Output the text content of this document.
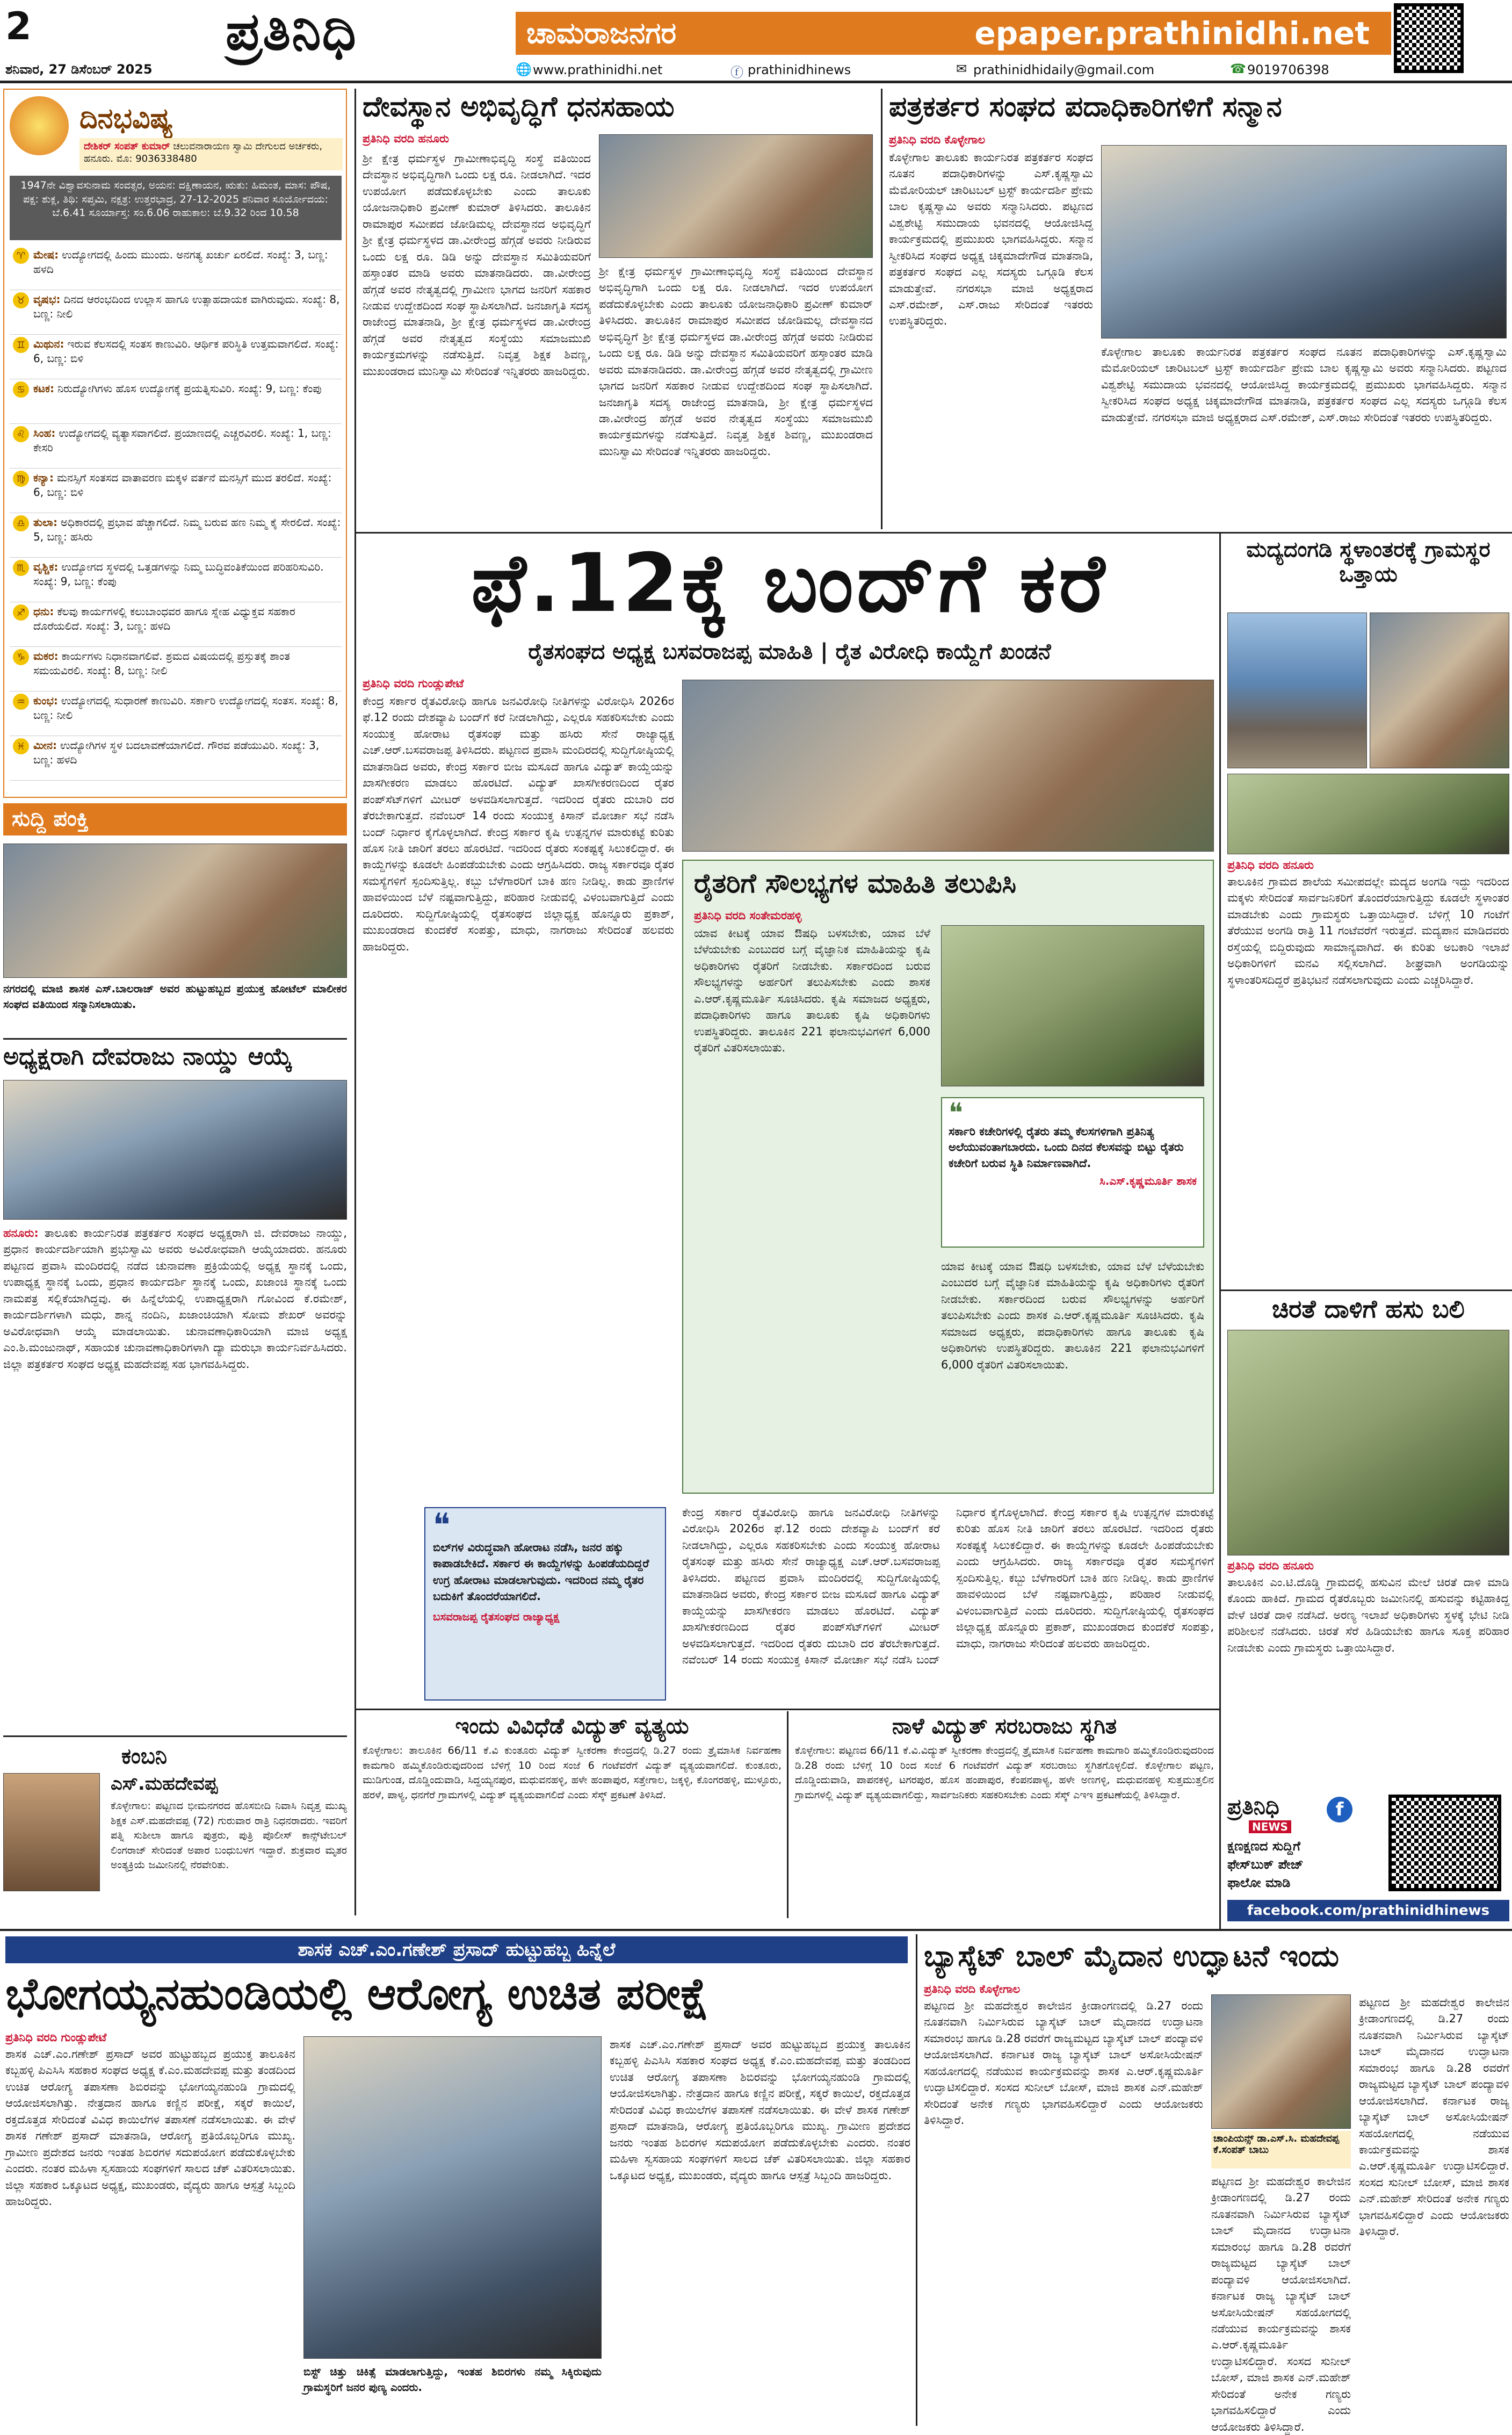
2	ಪ್ರತಿನಿಧಿ	ಚಾಮರಾಜನಗರ	epaper.prathinidhi.net
ಶನಿವಾರ, 27 ಡಿಸೆಂಬರ್ 2025	🌐 www.prathinidhi.net	ⓕ prathinidhinews	✉ prathinidhidaily@gmail.com	☎ 9019706398
ದಿನಭವಿಷ್ಯ
ದೇಶಿಕರ್ ಸಂಪತ್ ಕುಮಾರ್ ಚಲುವನಾರಾಯಣ ಸ್ವಾಮಿ ದೇಗುಲದ ಅರ್ಚಕರು, ಹನೂರು. ಮೊ: 9036338480
1947ನೇ ವಿಶ್ವಾವಸುನಾಮ ಸಂವತ್ಸರ, ಅಯನ: ದಕ್ಷಿಣಾಯನ, ಋತು: ಹಿಮಂತ, ಮಾಸ: ಪೌಷ, ಪಕ್ಷ: ಶುಕ್ಲ, ತಿಥಿ: ಸಪ್ತಮಿ, ನಕ್ಷತ್ರ: ಉತ್ತರಭಾದ್ರ, 27-12-2025 ಶನಿವಾರ ಸೂರ್ಯೋದಯ: ಬೆ.6.41 ಸೂರ್ಯಾಸ್ತ: ಸಂ.6.06 ರಾಹುಕಾಲ: ಬೆ.9.32 ರಿಂದ 10.58
♈ ಮೇಷ: ಉದ್ಯೋಗದಲ್ಲಿ ಹಿಂದು ಮುಂದು. ಅನಗತ್ಯ ಖರ್ಚು ಏರಲಿದೆ. ಸಂಖ್ಯೆ: 3, ಬಣ್ಣ: ಹಳದಿ
♉ ವೃಷಭ: ದಿನದ ಆರಂಭದಿಂದ ಉಲ್ಲಾಸ ಹಾಗೂ ಉತ್ಸಾಹದಾಯಕ ವಾಗಿರುವುದು. ಸಂಖ್ಯೆ: 8, ಬಣ್ಣ: ನೀಲಿ
♊ ಮಿಥುನ: ಇರುವ ಕೆಲಸದಲ್ಲಿ ಸಂತಸ ಕಾಣುವಿರಿ. ಆರ್ಥಿಕ ಪರಿಸ್ಥಿತಿ ಉತ್ತಮವಾಗಲಿದೆ. ಸಂಖ್ಯೆ: 6, ಬಣ್ಣ: ಬಿಳಿ
♋ ಕಟಕ: ನಿರುದ್ಯೋಗಿಗಳು ಹೊಸ ಉದ್ಯೋಗಕ್ಕೆ ಪ್ರಯತ್ನಿಸುವಿರಿ. ಸಂಖ್ಯೆ: 9, ಬಣ್ಣ: ಕೆಂಪು
♌ ಸಿಂಹ: ಉದ್ಯೋಗದಲ್ಲಿ ವ್ಯತ್ಯಾಸವಾಗಲಿದೆ. ಪ್ರಯಾಣದಲ್ಲಿ ಎಚ್ಚರವಿರಲಿ. ಸಂಖ್ಯೆ: 1, ಬಣ್ಣ: ಕೇಸರಿ
♍ ಕನ್ಯಾ: ಮನಸ್ಸಿಗೆ ಸಂತಸದ ವಾತಾವರಣ ಮಕ್ಕಳ ವರ್ತನೆ ಮನಸ್ಸಿಗೆ ಮುದ ತರಲಿದೆ. ಸಂಖ್ಯೆ: 6, ಬಣ್ಣ: ಬಿಳಿ
♎ ತುಲಾ: ಅಧಿಕಾರದಲ್ಲಿ ಪ್ರಭಾವ ಹೆಚ್ಚಾಗಲಿದೆ. ನಿಮ್ಮ ಬರುವ ಹಣ ನಿಮ್ಮ ಕೈ ಸೇರಲಿದೆ. ಸಂಖ್ಯೆ: 5, ಬಣ್ಣ: ಹಸಿರು
♏ ವೃಶ್ಚಿಕ: ಉದ್ಯೋಗದ ಸ್ಥಳದಲ್ಲಿ ಒತ್ತಡಗಳನ್ನು ನಿಮ್ಮ ಬುದ್ಧಿವಂತಿಕೆಯಿಂದ ಪರಿಹರಿಸುವಿರಿ. ಸಂಖ್ಯೆ: 9, ಬಣ್ಣ: ಕೆಂಪು
♐ ಧನು: ಕೆಲವು ಕಾರ್ಯಗಳಲ್ಲಿ ಕಲುಬಾಂಧವರ ಹಾಗೂ ಸ್ನೇಹ ವಿಧ್ಯುಕ್ತವ ಸಹಕಾರ ದೊರೆಯಲಿದೆ. ಸಂಖ್ಯೆ: 3, ಬಣ್ಣ: ಹಳದಿ
♑ ಮಕರ: ಕಾರ್ಯಗಳು ನಿಧಾನವಾಗಲಿವೆ. ಶ್ರಮದ ವಿಷಯದಲ್ಲಿ ಪ್ರಸ್ತುತಕ್ಕೆ ಶಾಂತ ಸಮಯವಿರಲಿ. ಸಂಖ್ಯೆ: 8, ಬಣ್ಣ: ನೀಲಿ
♒ ಕುಂಭ: ಉದ್ಯೋಗದಲ್ಲಿ ಸುಧಾರಣೆ ಕಾಣುವಿರಿ. ಸರ್ಕಾರಿ ಉದ್ಯೋಗದಲ್ಲಿ ಸಂತಸ. ಸಂಖ್ಯೆ: 8, ಬಣ್ಣ: ನೀಲಿ
♓ ಮೀನ: ಉದ್ಯೋಗಿಗಳ ಸ್ಥಳ ಬದಲಾವಣೆಯಾಗಲಿದೆ. ಗೌರವ ಪಡೆಯುವಿರಿ. ಸಂಖ್ಯೆ: 3, ಬಣ್ಣ: ಹಳದಿ
ಸುದ್ದಿ ಪಂಕ್ತಿ
ನಗರದಲ್ಲಿ ಮಾಜಿ ಶಾಸಕ ಎಸ್.ಬಾಲರಾಜ್ ಅವರ ಹುಟ್ಟುಹಬ್ಬದ ಪ್ರಯುಕ್ತ ಹೋಟೆಲ್ ಮಾಲೀಕರ ಸಂಘದ ವತಿಯಿಂದ ಸನ್ಮಾನಿಸಲಾಯಿತು.
ಅಧ್ಯಕ್ಷರಾಗಿ ದೇವರಾಜು ನಾಯ್ಡು ಆಯ್ಕೆ
ಹನೂರು: ತಾಲೂಕು ಕಾರ್ಯನಿರತ ಪತ್ರಕರ್ತರ ಸಂಘದ ಅಧ್ಯಕ್ಷರಾಗಿ ಜಿ. ದೇವರಾಜು ನಾಯ್ಡು, ಪ್ರಧಾನ ಕಾರ್ಯದರ್ಶಿಯಾಗಿ ಪ್ರಭುಸ್ವಾಮಿ ಅವರು ಅವಿರೋಧವಾಗಿ ಆಯ್ಕೆಯಾದರು. ಹನೂರು ಪಟ್ಟಣದ ಪ್ರವಾಸಿ ಮಂದಿರದಲ್ಲಿ ನಡೆದ ಚುನಾವಣಾ ಪ್ರಕ್ರಿಯೆಯಲ್ಲಿ ಅಧ್ಯಕ್ಷ ಸ್ಥಾನಕ್ಕೆ ಒಂದು, ಉಪಾಧ್ಯಕ್ಷ ಸ್ಥಾನಕ್ಕೆ ಒಂದು, ಪ್ರಧಾನ ಕಾರ್ಯದರ್ಶಿ ಸ್ಥಾನಕ್ಕೆ ಒಂದು, ಖಜಾಂಚಿ ಸ್ಥಾನಕ್ಕೆ ಒಂದು ನಾಮಪತ್ರ ಸಲ್ಲಿಕೆಯಾಗಿದ್ದವು. ಈ ಹಿನ್ನೆಲೆಯಲ್ಲಿ ಉಪಾಧ್ಯಕ್ಷರಾಗಿ ಗೋವಿಂದ ಕೆ.ರಮೇಶ್, ಕಾರ್ಯದರ್ಶಿಗಳಾಗಿ ಮಧು, ಶಾನ್ನ ನಂದಿನಿ, ಖಜಾಂಚಿಯಾಗಿ ಸೋಮ ಶೇಖರ್ ಅವರನ್ನು ಅವಿರೋಧವಾಗಿ ಆಯ್ಕೆ ಮಾಡಲಾಯಿತು. ಚುನಾವಣಾಧಿಕಾರಿಯಾಗಿ ಮಾಜಿ ಅಧ್ಯಕ್ಷ ಎಂ.ಶಿ.ಮಂಜುನಾಥ್, ಸಹಾಯಕ ಚುನಾವಣಾಧಿಕಾರಿಗಳಾಗಿ ದ್ಯಾ ಮರುಭಾ ಕಾರ್ಯನಿರ್ವಹಿಸಿದರು. ಜಿಲ್ಲಾ ಪತ್ರಕರ್ತರ ಸಂಘದ ಅಧ್ಯಕ್ಷ ಮಹದೇವಪ್ಪ ಸಹ ಭಾಗವಹಿಸಿದ್ದರು.
ಕಂಬನಿ
ಎಸ್.ಮಹದೇವಪ್ಪ
ಕೊಳ್ಳೇಗಾಲ: ಪಟ್ಟಣದ ಭೀಮನಗರದ ಹೊಸಬೀದಿ ನಿವಾಸಿ ನಿವೃತ್ತ ಮುಖ್ಯ ಶಿಕ್ಷಕ ಎಸ್.ಮಹದೇವಪ್ಪ (72) ಗುರುವಾರ ರಾತ್ರಿ ನಿಧನರಾದರು. ಇವರಿಗೆ ಪತ್ನಿ ಸುಶೀಲಾ ಹಾಗೂ ಪುತ್ರರು, ಪುತ್ರಿ ಪೊಲೀಸ್ ಕಾನ್ಸ್‌ಟೇಬಲ್ ಲಿಂಗರಾಜ್ ಸೇರಿದಂತೆ ಅಪಾರ ಬಂಧುಬಳಗ ಇದ್ದಾರೆ. ಶುಕ್ರವಾರ ಮೃತರ ಅಂತ್ಯಕ್ರಿಯೆ ಜಮೀನಿನಲ್ಲಿ ನೆರವೇರಿತು.
ದೇವಸ್ಥಾನ ಅಭಿವೃದ್ಧಿಗೆ ಧನಸಹಾಯ
ಪ್ರತಿನಿಧಿ ವರದಿ ಹನೂರು
ಶ್ರೀ ಕ್ಷೇತ್ರ ಧರ್ಮಸ್ಥಳ ಗ್ರಾಮೀಣಾಭಿವೃದ್ಧಿ ಸಂಸ್ಥೆ ವತಿಯಿಂದ ದೇವಸ್ಥಾನ ಅಭಿವೃದ್ಧಿಗಾಗಿ ಒಂದು ಲಕ್ಷ ರೂ. ನೀಡಲಾಗಿದೆ. ಇದರ ಉಪಯೋಗ ಪಡೆದುಕೊಳ್ಳಬೇಕು ಎಂದು ತಾಲೂಕು ಯೋಜನಾಧಿಕಾರಿ ಪ್ರವೀಣ್ ಕುಮಾರ್ ತಿಳಿಸಿದರು. ತಾಲೂಕಿನ ರಾಮಾಪುರ ಸಮೀಪದ ಜೋಡಿಮಲ್ಲ ದೇವಸ್ಥಾನದ ಅಭಿವೃದ್ಧಿಗೆ ಶ್ರೀ ಕ್ಷೇತ್ರ ಧರ್ಮಸ್ಥಳದ ಡಾ.ವೀರೇಂದ್ರ ಹೆಗ್ಗಡೆ ಅವರು ನೀಡಿರುವ ಒಂದು ಲಕ್ಷ ರೂ. ಡಿಡಿ ಅನ್ನು ದೇವಸ್ಥಾನ ಸಮಿತಿಯವರಿಗೆ ಹಸ್ತಾಂತರ ಮಾಡಿ ಅವರು ಮಾತನಾಡಿದರು. ಡಾ.ವೀರೇಂದ್ರ ಹೆಗ್ಗಡೆ ಅವರ ನೇತೃತ್ವದಲ್ಲಿ ಗ್ರಾಮೀಣ ಭಾಗದ ಜನರಿಗೆ ಸಹಕಾರ ನೀಡುವ ಉದ್ದೇಶದಿಂದ ಸಂಘ ಸ್ಥಾಪಿಸಲಾಗಿದೆ. ಜನಜಾಗೃತಿ ಸದಸ್ಯ ರಾಜೇಂದ್ರ ಮಾತನಾಡಿ, ಶ್ರೀ ಕ್ಷೇತ್ರ ಧರ್ಮಸ್ಥಳದ ಡಾ.ವೀರೇಂದ್ರ ಹೆಗ್ಗಡೆ ಅವರ ನೇತೃತ್ವದ ಸಂಸ್ಥೆಯು ಸಮಾಜಮುಖಿ ಕಾರ್ಯಕ್ರಮಗಳನ್ನು ನಡೆಸುತ್ತಿದೆ. ನಿವೃತ್ತ ಶಿಕ್ಷಕ ಶಿವಣ್ಣ, ಮುಖಂಡರಾದ ಮುನಿಸ್ವಾಮಿ ಸೇರಿದಂತೆ ಇನ್ನಿತರರು ಹಾಜರಿದ್ದರು.
ಶ್ರೀ ಕ್ಷೇತ್ರ ಧರ್ಮಸ್ಥಳ ಗ್ರಾಮೀಣಾಭಿವೃದ್ಧಿ ಸಂಸ್ಥೆ ವತಿಯಿಂದ ದೇವಸ್ಥಾನ ಅಭಿವೃದ್ಧಿಗಾಗಿ ಒಂದು ಲಕ್ಷ ರೂ. ನೀಡಲಾಗಿದೆ. ಇದರ ಉಪಯೋಗ ಪಡೆದುಕೊಳ್ಳಬೇಕು ಎಂದು ತಾಲೂಕು ಯೋಜನಾಧಿಕಾರಿ ಪ್ರವೀಣ್ ಕುಮಾರ್ ತಿಳಿಸಿದರು. ತಾಲೂಕಿನ ರಾಮಾಪುರ ಸಮೀಪದ ಜೋಡಿಮಲ್ಲ ದೇವಸ್ಥಾನದ ಅಭಿವೃದ್ಧಿಗೆ ಶ್ರೀ ಕ್ಷೇತ್ರ ಧರ್ಮಸ್ಥಳದ ಡಾ.ವೀರೇಂದ್ರ ಹೆಗ್ಗಡೆ ಅವರು ನೀಡಿರುವ ಒಂದು ಲಕ್ಷ ರೂ. ಡಿಡಿ ಅನ್ನು ದೇವಸ್ಥಾನ ಸಮಿತಿಯವರಿಗೆ ಹಸ್ತಾಂತರ ಮಾಡಿ ಅವರು ಮಾತನಾಡಿದರು. ಡಾ.ವೀರೇಂದ್ರ ಹೆಗ್ಗಡೆ ಅವರ ನೇತೃತ್ವದಲ್ಲಿ ಗ್ರಾಮೀಣ ಭಾಗದ ಜನರಿಗೆ ಸಹಕಾರ ನೀಡುವ ಉದ್ದೇಶದಿಂದ ಸಂಘ ಸ್ಥಾಪಿಸಲಾಗಿದೆ. ಜನಜಾಗೃತಿ ಸದಸ್ಯ ರಾಜೇಂದ್ರ ಮಾತನಾಡಿ, ಶ್ರೀ ಕ್ಷೇತ್ರ ಧರ್ಮಸ್ಥಳದ ಡಾ.ವೀರೇಂದ್ರ ಹೆಗ್ಗಡೆ ಅವರ ನೇತೃತ್ವದ ಸಂಸ್ಥೆಯು ಸಮಾಜಮುಖಿ ಕಾರ್ಯಕ್ರಮಗಳನ್ನು ನಡೆಸುತ್ತಿದೆ. ನಿವೃತ್ತ ಶಿಕ್ಷಕ ಶಿವಣ್ಣ, ಮುಖಂಡರಾದ ಮುನಿಸ್ವಾಮಿ ಸೇರಿದಂತೆ ಇನ್ನಿತರರು ಹಾಜರಿದ್ದರು.
ಪತ್ರಕರ್ತರ ಸಂಘದ ಪದಾಧಿಕಾರಿಗಳಿಗೆ ಸನ್ಮಾನ
ಪ್ರತಿನಿಧಿ ವರದಿ ಕೊಳ್ಳೇಗಾಲ
ಕೊಳ್ಳೇಗಾಲ ತಾಲೂಕು ಕಾರ್ಯನಿರತ ಪತ್ರಕರ್ತರ ಸಂಘದ ನೂತನ ಪದಾಧಿಕಾರಿಗಳನ್ನು ಎಸ್.ಕೃಷ್ಣಸ್ವಾಮಿ ಮೆಮೋರಿಯಲ್ ಚಾರಿಟಬಲ್ ಟ್ರಸ್ಟ್ ಕಾರ್ಯದರ್ಶಿ ಪ್ರೇಮ ಬಾಲ ಕೃಷ್ಣಸ್ವಾಮಿ ಅವರು ಸನ್ಮಾನಿಸಿದರು. ಪಟ್ಟಣದ ವಿಶ್ವಶೇಟ್ಟಿ ಸಮುದಾಯ ಭವನದಲ್ಲಿ ಆಯೋಜಿಸಿದ್ದ ಕಾರ್ಯಕ್ರಮದಲ್ಲಿ ಪ್ರಮುಖರು ಭಾಗವಹಿಸಿದ್ದರು. ಸನ್ಮಾನ ಸ್ವೀಕರಿಸಿದ ಸಂಘದ ಅಧ್ಯಕ್ಷ ಚಿಕ್ಕಮಾದೇಗೌಡ ಮಾತನಾಡಿ, ಪತ್ರಕರ್ತರ ಸಂಘದ ಎಲ್ಲ ಸದಸ್ಯರು ಒಗ್ಗೂಡಿ ಕೆಲಸ ಮಾಡುತ್ತೇವೆ. ನಗರಸಭಾ ಮಾಜಿ ಅಧ್ಯಕ್ಷರಾದ ಎಸ್.ರಮೇಶ್, ಎಸ್.ರಾಜು ಸೇರಿದಂತೆ ಇತರರು ಉಪಸ್ಥಿತರಿದ್ದರು.
ಕೊಳ್ಳೇಗಾಲ ತಾಲೂಕು ಕಾರ್ಯನಿರತ ಪತ್ರಕರ್ತರ ಸಂಘದ ನೂತನ ಪದಾಧಿಕಾರಿಗಳನ್ನು ಎಸ್.ಕೃಷ್ಣಸ್ವಾಮಿ ಮೆಮೋರಿಯಲ್ ಚಾರಿಟಬಲ್ ಟ್ರಸ್ಟ್ ಕಾರ್ಯದರ್ಶಿ ಪ್ರೇಮ ಬಾಲ ಕೃಷ್ಣಸ್ವಾಮಿ ಅವರು ಸನ್ಮಾನಿಸಿದರು. ಪಟ್ಟಣದ ವಿಶ್ವಶೇಟ್ಟಿ ಸಮುದಾಯ ಭವನದಲ್ಲಿ ಆಯೋಜಿಸಿದ್ದ ಕಾರ್ಯಕ್ರಮದಲ್ಲಿ ಪ್ರಮುಖರು ಭಾಗವಹಿಸಿದ್ದರು. ಸನ್ಮಾನ ಸ್ವೀಕರಿಸಿದ ಸಂಘದ ಅಧ್ಯಕ್ಷ ಚಿಕ್ಕಮಾದೇಗೌಡ ಮಾತನಾಡಿ, ಪತ್ರಕರ್ತರ ಸಂಘದ ಎಲ್ಲ ಸದಸ್ಯರು ಒಗ್ಗೂಡಿ ಕೆಲಸ ಮಾಡುತ್ತೇವೆ. ನಗರಸಭಾ ಮಾಜಿ ಅಧ್ಯಕ್ಷರಾದ ಎಸ್.ರಮೇಶ್, ಎಸ್.ರಾಜು ಸೇರಿದಂತೆ ಇತರರು ಉಪಸ್ಥಿತರಿದ್ದರು.
ಫೆ.12ಕ್ಕೆ ಬಂದ್‌ಗೆ ಕರೆ
ರೈತಸಂಘದ ಅಧ್ಯಕ್ಷ ಬಸವರಾಜಪ್ಪ ಮಾಹಿತಿ | ರೈತ ವಿರೋಧಿ ಕಾಯ್ದೆಗೆ ಖಂಡನೆ
ಪ್ರತಿನಿಧಿ ವರದಿ ಗುಂಡ್ಲುಪೇಟೆ
ಕೇಂದ್ರ ಸರ್ಕಾರ ರೈತವಿರೋಧಿ ಹಾಗೂ ಜನವಿರೋಧಿ ನೀತಿಗಳನ್ನು ವಿರೋಧಿಸಿ 2026ರ ಫೆ.12 ರಂದು ದೇಶವ್ಯಾಪಿ ಬಂದ್‌ಗೆ ಕರೆ ನೀಡಲಾಗಿದ್ದು, ಎಲ್ಲರೂ ಸಹಕರಿಸಬೇಕು ಎಂದು ಸಂಯುಕ್ತ ಹೋರಾಟ ರೈತಸಂಘ ಮತ್ತು ಹಸಿರು ಸೇನೆ ರಾಜ್ಯಾಧ್ಯಕ್ಷ ಎಚ್.ಆರ್.ಬಸವರಾಜಪ್ಪ ತಿಳಿಸಿದರು. ಪಟ್ಟಣದ ಪ್ರವಾಸಿ ಮಂದಿರದಲ್ಲಿ ಸುದ್ದಿಗೋಷ್ಠಿಯಲ್ಲಿ ಮಾತನಾಡಿದ ಅವರು, ಕೇಂದ್ರ ಸರ್ಕಾರ ಬೀಜ ಮಸೂದೆ ಹಾಗೂ ವಿದ್ಯುತ್ ಕಾಯ್ದೆಯನ್ನು ಖಾಸಗೀಕರಣ ಮಾಡಲು ಹೊರಟಿದೆ. ವಿದ್ಯುತ್ ಖಾಸಗೀಕರಣದಿಂದ ರೈತರ ಪಂಪ್‌ಸೆಟ್‌ಗಳಿಗೆ ಮೀಟರ್ ಅಳವಡಿಸಲಾಗುತ್ತದೆ. ಇದರಿಂದ ರೈತರು ದುಬಾರಿ ದರ ತೆರಬೇಕಾಗುತ್ತದೆ. ನವೆಂಬರ್ 14 ರಂದು ಸಂಯುಕ್ತ ಕಿಸಾನ್ ಮೋರ್ಚಾ ಸಭೆ ನಡೆಸಿ ಬಂದ್ ನಿರ್ಧಾರ ಕೈಗೊಳ್ಳಲಾಗಿದೆ. ಕೇಂದ್ರ ಸರ್ಕಾರ ಕೃಷಿ ಉತ್ಪನ್ನಗಳ ಮಾರುಕಟ್ಟೆ ಕುರಿತು ಹೊಸ ನೀತಿ ಜಾರಿಗೆ ತರಲು ಹೊರಟಿದೆ. ಇದರಿಂದ ರೈತರು ಸಂಕಷ್ಟಕ್ಕೆ ಸಿಲುಕಲಿದ್ದಾರೆ. ಈ ಕಾಯ್ದೆಗಳನ್ನು ಕೂಡಲೇ ಹಿಂಪಡೆಯಬೇಕು ಎಂದು ಆಗ್ರಹಿಸಿದರು. ರಾಜ್ಯ ಸರ್ಕಾರವೂ ರೈತರ ಸಮಸ್ಯೆಗಳಿಗೆ ಸ್ಪಂದಿಸುತ್ತಿಲ್ಲ. ಕಬ್ಬು ಬೆಳೆಗಾರರಿಗೆ ಬಾಕಿ ಹಣ ನೀಡಿಲ್ಲ. ಕಾಡು ಪ್ರಾಣಿಗಳ ಹಾವಳಿಯಿಂದ ಬೆಳೆ ನಷ್ಟವಾಗುತ್ತಿದ್ದು, ಪರಿಹಾರ ನೀಡುವಲ್ಲಿ ವಿಳಂಬವಾಗುತ್ತಿದೆ ಎಂದು ದೂರಿದರು. ಸುದ್ದಿಗೋಷ್ಠಿಯಲ್ಲಿ ರೈತಸಂಘದ ಜಿಲ್ಲಾಧ್ಯಕ್ಷ ಹೊನ್ನೂರು ಪ್ರಕಾಶ್, ಮುಖಂಡರಾದ ಕುಂದಕೆರೆ ಸಂಪತ್ತು, ಮಾಧು, ನಾಗರಾಜು ಸೇರಿದಂತೆ ಹಲವರು ಹಾಜರಿದ್ದರು.
❝
ಬಿಲ್‌ಗಳ ವಿರುದ್ಧವಾಗಿ ಹೋರಾಟ ನಡೆಸಿ, ಜನರ ಹಕ್ಕು ಕಾಪಾಡಬೇಕಿದೆ. ಸರ್ಕಾರ ಈ ಕಾಯ್ದೆಗಳನ್ನು ಹಿಂಪಡೆಯದಿದ್ದರೆ ಉಗ್ರ ಹೋರಾಟ ಮಾಡಲಾಗುವುದು. ಇದರಿಂದ ನಮ್ಮ ರೈತರ ಬದುಕಿಗೆ ತೊಂದರೆಯಾಗಲಿದೆ.
ಬಸವರಾಜಪ್ಪ ರೈತಸಂಘದ ರಾಜ್ಯಾಧ್ಯಕ್ಷ
ರೈತರಿಗೆ ಸೌಲಭ್ಯಗಳ ಮಾಹಿತಿ ತಲುಪಿಸಿ
ಪ್ರತಿನಿಧಿ ವರದಿ ಸಂತೇಮರಹಳ್ಳಿ
ಯಾವ ಕೀಟಕ್ಕೆ ಯಾವ ಔಷಧಿ ಬಳಸಬೇಕು, ಯಾವ ಬೆಳೆ ಬೆಳೆಯಬೇಕು ಎಂಬುದರ ಬಗ್ಗೆ ವೈಜ್ಞಾನಿಕ ಮಾಹಿತಿಯನ್ನು ಕೃಷಿ ಅಧಿಕಾರಿಗಳು ರೈತರಿಗೆ ನೀಡಬೇಕು. ಸರ್ಕಾರದಿಂದ ಬರುವ ಸೌಲಭ್ಯಗಳನ್ನು ಅರ್ಹರಿಗೆ ತಲುಪಿಸಬೇಕು ಎಂದು ಶಾಸಕ ಎ.ಆರ್.ಕೃಷ್ಣಮೂರ್ತಿ ಸೂಚಿಸಿದರು. ಕೃಷಿ ಸಮಾಜದ ಅಧ್ಯಕ್ಷರು, ಪದಾಧಿಕಾರಿಗಳು ಹಾಗೂ ತಾಲೂಕು ಕೃಷಿ ಅಧಿಕಾರಿಗಳು ಉಪಸ್ಥಿತರಿದ್ದರು. ತಾಲೂಕಿನ 221 ಫಲಾನುಭವಿಗಳಿಗೆ 6,000 ರೈತರಿಗೆ ವಿತರಿಸಲಾಯಿತು.
❝
ಸರ್ಕಾರಿ ಕಚೇರಿಗಳಲ್ಲಿ ರೈತರು ತಮ್ಮ ಕೆಲಸಗಳಿಗಾಗಿ ಪ್ರತಿನಿತ್ಯ ಅಲೆಯುವಂತಾಗಬಾರದು. ಒಂದು ದಿನದ ಕೆಲಸವನ್ನು ಬಿಟ್ಟು ರೈತರು ಕಚೇರಿಗೆ ಬರುವ ಸ್ಥಿತಿ ನಿರ್ಮಾಣವಾಗಿದೆ.
ಸಿ.ಎಸ್.ಕೃಷ್ಣಮೂರ್ತಿ ಶಾಸಕ
ಯಾವ ಕೀಟಕ್ಕೆ ಯಾವ ಔಷಧಿ ಬಳಸಬೇಕು, ಯಾವ ಬೆಳೆ ಬೆಳೆಯಬೇಕು ಎಂಬುದರ ಬಗ್ಗೆ ವೈಜ್ಞಾನಿಕ ಮಾಹಿತಿಯನ್ನು ಕೃಷಿ ಅಧಿಕಾರಿಗಳು ರೈತರಿಗೆ ನೀಡಬೇಕು. ಸರ್ಕಾರದಿಂದ ಬರುವ ಸೌಲಭ್ಯಗಳನ್ನು ಅರ್ಹರಿಗೆ ತಲುಪಿಸಬೇಕು ಎಂದು ಶಾಸಕ ಎ.ಆರ್.ಕೃಷ್ಣಮೂರ್ತಿ ಸೂಚಿಸಿದರು. ಕೃಷಿ ಸಮಾಜದ ಅಧ್ಯಕ್ಷರು, ಪದಾಧಿಕಾರಿಗಳು ಹಾಗೂ ತಾಲೂಕು ಕೃಷಿ ಅಧಿಕಾರಿಗಳು ಉಪಸ್ಥಿತರಿದ್ದರು. ತಾಲೂಕಿನ 221 ಫಲಾನುಭವಿಗಳಿಗೆ 6,000 ರೈತರಿಗೆ ವಿತರಿಸಲಾಯಿತು.
ಕೇಂದ್ರ ಸರ್ಕಾರ ರೈತವಿರೋಧಿ ಹಾಗೂ ಜನವಿರೋಧಿ ನೀತಿಗಳನ್ನು ವಿರೋಧಿಸಿ 2026ರ ಫೆ.12 ರಂದು ದೇಶವ್ಯಾಪಿ ಬಂದ್‌ಗೆ ಕರೆ ನೀಡಲಾಗಿದ್ದು, ಎಲ್ಲರೂ ಸಹಕರಿಸಬೇಕು ಎಂದು ಸಂಯುಕ್ತ ಹೋರಾಟ ರೈತಸಂಘ ಮತ್ತು ಹಸಿರು ಸೇನೆ ರಾಜ್ಯಾಧ್ಯಕ್ಷ ಎಚ್.ಆರ್.ಬಸವರಾಜಪ್ಪ ತಿಳಿಸಿದರು. ಪಟ್ಟಣದ ಪ್ರವಾಸಿ ಮಂದಿರದಲ್ಲಿ ಸುದ್ದಿಗೋಷ್ಠಿಯಲ್ಲಿ ಮಾತನಾಡಿದ ಅವರು, ಕೇಂದ್ರ ಸರ್ಕಾರ ಬೀಜ ಮಸೂದೆ ಹಾಗೂ ವಿದ್ಯುತ್ ಕಾಯ್ದೆಯನ್ನು ಖಾಸಗೀಕರಣ ಮಾಡಲು ಹೊರಟಿದೆ. ವಿದ್ಯುತ್ ಖಾಸಗೀಕರಣದಿಂದ ರೈತರ ಪಂಪ್‌ಸೆಟ್‌ಗಳಿಗೆ ಮೀಟರ್ ಅಳವಡಿಸಲಾಗುತ್ತದೆ. ಇದರಿಂದ ರೈತರು ದುಬಾರಿ ದರ ತೆರಬೇಕಾಗುತ್ತದೆ. ನವೆಂಬರ್ 14 ರಂದು ಸಂಯುಕ್ತ ಕಿಸಾನ್ ಮೋರ್ಚಾ ಸಭೆ ನಡೆಸಿ ಬಂದ್ ನಿರ್ಧಾರ ಕೈಗೊಳ್ಳಲಾಗಿದೆ. ಕೇಂದ್ರ ಸರ್ಕಾರ ಕೃಷಿ ಉತ್ಪನ್ನಗಳ ಮಾರುಕಟ್ಟೆ ಕುರಿತು ಹೊಸ ನೀತಿ ಜಾರಿಗೆ ತರಲು ಹೊರಟಿದೆ. ಇದರಿಂದ ರೈತರು ಸಂಕಷ್ಟಕ್ಕೆ ಸಿಲುಕಲಿದ್ದಾರೆ. ಈ ಕಾಯ್ದೆಗಳನ್ನು ಕೂಡಲೇ ಹಿಂಪಡೆಯಬೇಕು ಎಂದು ಆಗ್ರಹಿಸಿದರು. ರಾಜ್ಯ ಸರ್ಕಾರವೂ ರೈತರ ಸಮಸ್ಯೆಗಳಿಗೆ ಸ್ಪಂದಿಸುತ್ತಿಲ್ಲ. ಕಬ್ಬು ಬೆಳೆಗಾರರಿಗೆ ಬಾಕಿ ಹಣ ನೀಡಿಲ್ಲ. ಕಾಡು ಪ್ರಾಣಿಗಳ ಹಾವಳಿಯಿಂದ ಬೆಳೆ ನಷ್ಟವಾಗುತ್ತಿದ್ದು, ಪರಿಹಾರ ನೀಡುವಲ್ಲಿ ವಿಳಂಬವಾಗುತ್ತಿದೆ ಎಂದು ದೂರಿದರು. ಸುದ್ದಿಗೋಷ್ಠಿಯಲ್ಲಿ ರೈತಸಂಘದ ಜಿಲ್ಲಾಧ್ಯಕ್ಷ ಹೊನ್ನೂರು ಪ್ರಕಾಶ್, ಮುಖಂಡರಾದ ಕುಂದಕೆರೆ ಸಂಪತ್ತು, ಮಾಧು, ನಾಗರಾಜು ಸೇರಿದಂತೆ ಹಲವರು ಹಾಜರಿದ್ದರು.
ಮದ್ಯದಂಗಡಿ ಸ್ಥಳಾಂತರಕ್ಕೆ ಗ್ರಾಮಸ್ಥರ ಒತ್ತಾಯ
ಪ್ರತಿನಿಧಿ ವರದಿ ಹನೂರು
ತಾಲೂಕಿನ ಗ್ರಾಮದ ಶಾಲೆಯ ಸಮೀಪದಲ್ಲೇ ಮದ್ಯದ ಅಂಗಡಿ ಇದ್ದು ಇದರಿಂದ ಮಕ್ಕಳು ಸೇರಿದಂತೆ ಸಾರ್ವಜನಿಕರಿಗೆ ತೊಂದರೆಯಾಗುತ್ತಿದ್ದು ಕೂಡಲೇ ಸ್ಥಳಾಂತರ ಮಾಡಬೇಕು ಎಂದು ಗ್ರಾಮಸ್ಥರು ಒತ್ತಾಯಿಸಿದ್ದಾರೆ. ಬೆಳಿಗ್ಗೆ 10 ಗಂಟೆಗೆ ತೆರೆಯುವ ಅಂಗಡಿ ರಾತ್ರಿ 11 ಗಂಟೆವರೆಗೆ ಇರುತ್ತದೆ. ಮದ್ಯಪಾನ ಮಾಡಿದವರು ರಸ್ತೆಯಲ್ಲಿ ಬಿದ್ದಿರುವುದು ಸಾಮಾನ್ಯವಾಗಿದೆ. ಈ ಕುರಿತು ಅಬಕಾರಿ ಇಲಾಖೆ ಅಧಿಕಾರಿಗಳಿಗೆ ಮನವಿ ಸಲ್ಲಿಸಲಾಗಿದೆ. ಶೀಘ್ರವಾಗಿ ಅಂಗಡಿಯನ್ನು ಸ್ಥಳಾಂತರಿಸದಿದ್ದರೆ ಪ್ರತಿಭಟನೆ ನಡೆಸಲಾಗುವುದು ಎಂದು ಎಚ್ಚರಿಸಿದ್ದಾರೆ.
ಚಿರತೆ ದಾಳಿಗೆ ಹಸು ಬಲಿ
ಪ್ರತಿನಿಧಿ ವರದಿ ಹನೂರು
ತಾಲೂಕಿನ ಎಂ.ಟಿ.ದೊಡ್ಡಿ ಗ್ರಾಮದಲ್ಲಿ ಹಸುವಿನ ಮೇಲೆ ಚಿರತೆ ದಾಳಿ ಮಾಡಿ ಕೊಂದು ಹಾಕಿದೆ. ಗ್ರಾಮದ ರೈತರೊಬ್ಬರು ಜಮೀನಿನಲ್ಲಿ ಹಸುವನ್ನು ಕಟ್ಟಿಹಾಕಿದ್ದ ವೇಳೆ ಚಿರತೆ ದಾಳಿ ನಡೆಸಿದೆ. ಅರಣ್ಯ ಇಲಾಖೆ ಅಧಿಕಾರಿಗಳು ಸ್ಥಳಕ್ಕೆ ಭೇಟಿ ನೀಡಿ ಪರಿಶೀಲನೆ ನಡೆಸಿದರು. ಚಿರತೆ ಸೆರೆ ಹಿಡಿಯಬೇಕು ಹಾಗೂ ಸೂಕ್ತ ಪರಿಹಾರ ನೀಡಬೇಕು ಎಂದು ಗ್ರಾಮಸ್ಥರು ಒತ್ತಾಯಿಸಿದ್ದಾರೆ.
ಪ್ರತಿನಿಧಿ
NEWS
f
ಕ್ಷಣಕ್ಷಣದ ಸುದ್ದಿಗೆ
ಫೇಸ್‌ಬುಕ್ ಪೇಜ್
ಫಾಲೋ ಮಾಡಿ
facebook.com/prathinidhinews
ಇಂದು ವಿವಿಧೆಡೆ ವಿದ್ಯುತ್ ವ್ಯತ್ಯಯ
ಕೊಳ್ಳೇಗಾಲ: ತಾಲೂಕಿನ 66/11 ಕೆ.ವಿ ಕುಂತೂರು ವಿದ್ಯುತ್ ಸ್ವೀಕರಣಾ ಕೇಂದ್ರದಲ್ಲಿ ಡಿ.27 ರಂದು ತ್ರೈಮಾಸಿಕ ನಿರ್ವಹಣಾ ಕಾಮಗಾರಿ ಹಮ್ಮಿಕೊಂಡಿರುವುದರಿಂದ ಬೆಳಿಗ್ಗೆ 10 ರಿಂದ ಸಂಜೆ 6 ಗಂಟೆವರೆಗೆ ವಿದ್ಯುತ್ ವ್ಯತ್ಯಯವಾಗಲಿದೆ. ಕುಂತೂರು, ಮುಡಿಗುಂಡ, ದೊಡ್ಡಿಂದುವಾಡಿ, ಸಿದ್ದಯ್ಯನಪುರ, ಮಧುವನಹಳ್ಳಿ, ಹಳೇ ಹಂಪಾಪುರ, ಸತ್ತೇಗಾಲ, ಜಕ್ಕಳ್ಳಿ, ಕೊಂಗರಹಳ್ಳಿ, ಮುಳ್ಳೂರು, ಹರಳೆ, ಪಾಳ್ಯ, ಧನಗೆರೆ ಗ್ರಾಮಗಳಲ್ಲಿ ವಿದ್ಯುತ್ ವ್ಯತ್ಯಯವಾಗಲಿದೆ ಎಂದು ಸೆಸ್ಕ್ ಪ್ರಕಟಣೆ ತಿಳಿಸಿದೆ.
ನಾಳೆ ವಿದ್ಯುತ್ ಸರಬರಾಜು ಸ್ಥಗಿತ
ಕೊಳ್ಳೇಗಾಲ: ಪಟ್ಟಣದ 66/11 ಕೆ.ವಿ.ವಿದ್ಯುತ್ ಸ್ವೀಕರಣಾ ಕೇಂದ್ರದಲ್ಲಿ ತ್ರೈಮಾಸಿಕ ನಿರ್ವಹಣಾ ಕಾಮಗಾರಿ ಹಮ್ಮಿಕೊಂಡಿರುವುದರಿಂದ ಡಿ.28 ರಂದು ಬೆಳಿಗ್ಗೆ 10 ರಿಂದ ಸಂಜೆ 6 ಗಂಟೆವರೆಗೆ ವಿದ್ಯುತ್ ಸರಬರಾಜು ಸ್ಥಗಿತಗೊಳ್ಳಲಿದೆ. ಕೊಳ್ಳೇಗಾಲ ಪಟ್ಟಣ, ದೊಡ್ಡಿಂದುವಾಡಿ, ಪಾಪನಕಳ್ಳಿ, ಟಗರಪುರ, ಹೊಸ ಹಂಪಾಪುರ, ಕೆಂಪನಪಾಳ್ಯ, ಹಳೇ ಅಣಗಳ್ಳಿ, ಮಧುವನಹಳ್ಳಿ ಸುತ್ತಮುತ್ತಲಿನ ಗ್ರಾಮಗಳಲ್ಲಿ ವಿದ್ಯುತ್ ವ್ಯತ್ಯಯವಾಗಲಿದ್ದು, ಸಾರ್ವಜನಿಕರು ಸಹಕರಿಸಬೇಕು ಎಂದು ಸೆಸ್ಕ್ ಎಇಇ ಪ್ರಕಟಣೆಯಲ್ಲಿ ತಿಳಿಸಿದ್ದಾರೆ.
ಶಾಸಕ ಎಚ್.ಎಂ.ಗಣೇಶ್ ಪ್ರಸಾದ್ ಹುಟ್ಟುಹಬ್ಬ ಹಿನ್ನೆಲೆ
ಭೋಗಯ್ಯನಹುಂಡಿಯಲ್ಲಿ ಆರೋಗ್ಯ ಉಚಿತ ಪರೀಕ್ಷೆ
ಪ್ರತಿನಿಧಿ ವರದಿ ಗುಂಡ್ಲುಪೇಟೆ
ಶಾಸಕ ಎಚ್.ಎಂ.ಗಣೇಶ್ ಪ್ರಸಾದ್ ಅವರ ಹುಟ್ಟುಹಬ್ಬದ ಪ್ರಯುಕ್ತ ತಾಲೂಕಿನ ಕಬ್ಬಹಳ್ಳಿ ಪಿಎಸಿಸಿ ಸಹಕಾರ ಸಂಘದ ಅಧ್ಯಕ್ಷ ಕೆ.ಎಂ.ಮಹದೇವಪ್ಪ ಮತ್ತು ತಂಡದಿಂದ ಉಚಿತ ಆರೋಗ್ಯ ತಪಾಸಣಾ ಶಿಬಿರವನ್ನು ಭೋಗಯ್ಯನಹುಂಡಿ ಗ್ರಾಮದಲ್ಲಿ ಆಯೋಜಿಸಲಾಗಿತ್ತು. ನೇತ್ರದಾನ ಹಾಗೂ ಕಣ್ಣಿನ ಪರೀಕ್ಷೆ, ಸಕ್ಕರೆ ಕಾಯಿಲೆ, ರಕ್ತದೊತ್ತಡ ಸೇರಿದಂತೆ ವಿವಿಧ ಕಾಯಿಲೆಗಳ ತಪಾಸಣೆ ನಡೆಸಲಾಯಿತು. ಈ ವೇಳೆ ಶಾಸಕ ಗಣೇಶ್ ಪ್ರಸಾದ್ ಮಾತನಾಡಿ, ಆರೋಗ್ಯ ಪ್ರತಿಯೊಬ್ಬರಿಗೂ ಮುಖ್ಯ. ಗ್ರಾಮೀಣ ಪ್ರದೇಶದ ಜನರು ಇಂತಹ ಶಿಬಿರಗಳ ಸದುಪಯೋಗ ಪಡೆದುಕೊಳ್ಳಬೇಕು ಎಂದರು. ನಂತರ ಮಹಿಳಾ ಸ್ವಸಹಾಯ ಸಂಘಗಳಿಗೆ ಸಾಲದ ಚೆಕ್ ವಿತರಿಸಲಾಯಿತು. ಜಿಲ್ಲಾ ಸಹಕಾರ ಒಕ್ಕೂಟದ ಅಧ್ಯಕ್ಷ, ಮುಖಂಡರು, ವೈದ್ಯರು ಹಾಗೂ ಆಸ್ಪತ್ರೆ ಸಿಬ್ಬಂದಿ ಹಾಜರಿದ್ದರು.
ಬಿಸ್ಟ್ ಚಿತ್ತು ಚಿಕಿತ್ಸೆ ಮಾಡಲಾಗುತ್ತಿದ್ದು, ಇಂತಹ ಶಿಬಿರಗಳು ನಮ್ಮ ಸಿಕ್ಕಿರುವುದು ಗ್ರಾಮಸ್ಥರಿಗೆ ಜನರ ಪುಣ್ಯ ಎಂದರು.
ಶಾಸಕ ಎಚ್.ಎಂ.ಗಣೇಶ್ ಪ್ರಸಾದ್ ಅವರ ಹುಟ್ಟುಹಬ್ಬದ ಪ್ರಯುಕ್ತ ತಾಲೂಕಿನ ಕಬ್ಬಹಳ್ಳಿ ಪಿಎಸಿಸಿ ಸಹಕಾರ ಸಂಘದ ಅಧ್ಯಕ್ಷ ಕೆ.ಎಂ.ಮಹದೇವಪ್ಪ ಮತ್ತು ತಂಡದಿಂದ ಉಚಿತ ಆರೋಗ್ಯ ತಪಾಸಣಾ ಶಿಬಿರವನ್ನು ಭೋಗಯ್ಯನಹುಂಡಿ ಗ್ರಾಮದಲ್ಲಿ ಆಯೋಜಿಸಲಾಗಿತ್ತು. ನೇತ್ರದಾನ ಹಾಗೂ ಕಣ್ಣಿನ ಪರೀಕ್ಷೆ, ಸಕ್ಕರೆ ಕಾಯಿಲೆ, ರಕ್ತದೊತ್ತಡ ಸೇರಿದಂತೆ ವಿವಿಧ ಕಾಯಿಲೆಗಳ ತಪಾಸಣೆ ನಡೆಸಲಾಯಿತು. ಈ ವೇಳೆ ಶಾಸಕ ಗಣೇಶ್ ಪ್ರಸಾದ್ ಮಾತನಾಡಿ, ಆರೋಗ್ಯ ಪ್ರತಿಯೊಬ್ಬರಿಗೂ ಮುಖ್ಯ. ಗ್ರಾಮೀಣ ಪ್ರದೇಶದ ಜನರು ಇಂತಹ ಶಿಬಿರಗಳ ಸದುಪಯೋಗ ಪಡೆದುಕೊಳ್ಳಬೇಕು ಎಂದರು. ನಂತರ ಮಹಿಳಾ ಸ್ವಸಹಾಯ ಸಂಘಗಳಿಗೆ ಸಾಲದ ಚೆಕ್ ವಿತರಿಸಲಾಯಿತು. ಜಿಲ್ಲಾ ಸಹಕಾರ ಒಕ್ಕೂಟದ ಅಧ್ಯಕ್ಷ, ಮುಖಂಡರು, ವೈದ್ಯರು ಹಾಗೂ ಆಸ್ಪತ್ರೆ ಸಿಬ್ಬಂದಿ ಹಾಜರಿದ್ದರು.
ಬ್ಯಾಸ್ಕೆಟ್ ಬಾಲ್ ಮೈದಾನ ಉದ್ಘಾಟನೆ ಇಂದು
ಪ್ರತಿನಿಧಿ ವರದಿ ಕೊಳ್ಳೇಗಾಲ
ಪಟ್ಟಣದ ಶ್ರೀ ಮಹದೇಶ್ವರ ಕಾಲೇಜಿನ ಕ್ರೀಡಾಂಗಣದಲ್ಲಿ ಡಿ.27 ರಂದು ನೂತನವಾಗಿ ನಿರ್ಮಿಸಿರುವ ಬ್ಯಾಸ್ಕೆಟ್ ಬಾಲ್ ಮೈದಾನದ ಉದ್ಘಾಟನಾ ಸಮಾರಂಭ ಹಾಗೂ ಡಿ.28 ರವರೆಗೆ ರಾಜ್ಯಮಟ್ಟದ ಬ್ಯಾಸ್ಕೆಟ್ ಬಾಲ್ ಪಂದ್ಯಾವಳಿ ಆಯೋಜಿಸಲಾಗಿದೆ. ಕರ್ನಾಟಕ ರಾಜ್ಯ ಬ್ಯಾಸ್ಕೆಟ್ ಬಾಲ್ ಅಸೋಸಿಯೇಷನ್ ಸಹಯೋಗದಲ್ಲಿ ನಡೆಯುವ ಕಾರ್ಯಕ್ರಮವನ್ನು ಶಾಸಕ ಎ.ಆರ್.ಕೃಷ್ಣಮೂರ್ತಿ ಉದ್ಘಾಟಿಸಲಿದ್ದಾರೆ. ಸಂಸದ ಸುನೀಲ್ ಬೋಸ್, ಮಾಜಿ ಶಾಸಕ ಎನ್.ಮಹೇಶ್ ಸೇರಿದಂತೆ ಅನೇಕ ಗಣ್ಯರು ಭಾಗವಹಿಸಲಿದ್ದಾರೆ ಎಂದು ಆಯೋಜಕರು ತಿಳಿಸಿದ್ದಾರೆ.
ಚಾಂಪಿಯನ್ಸ್ ಡಾ.ಎಸ್.ಸಿ. ಮಹದೇವಪ್ಪ ಕೆ.ಸಂಪತ್ ಬಾಬು
ಪಟ್ಟಣದ ಶ್ರೀ ಮಹದೇಶ್ವರ ಕಾಲೇಜಿನ ಕ್ರೀಡಾಂಗಣದಲ್ಲಿ ಡಿ.27 ರಂದು ನೂತನವಾಗಿ ನಿರ್ಮಿಸಿರುವ ಬ್ಯಾಸ್ಕೆಟ್ ಬಾಲ್ ಮೈದಾನದ ಉದ್ಘಾಟನಾ ಸಮಾರಂಭ ಹಾಗೂ ಡಿ.28 ರವರೆಗೆ ರಾಜ್ಯಮಟ್ಟದ ಬ್ಯಾಸ್ಕೆಟ್ ಬಾಲ್ ಪಂದ್ಯಾವಳಿ ಆಯೋಜಿಸಲಾಗಿದೆ. ಕರ್ನಾಟಕ ರಾಜ್ಯ ಬ್ಯಾಸ್ಕೆಟ್ ಬಾಲ್ ಅಸೋಸಿಯೇಷನ್ ಸಹಯೋಗದಲ್ಲಿ ನಡೆಯುವ ಕಾರ್ಯಕ್ರಮವನ್ನು ಶಾಸಕ ಎ.ಆರ್.ಕೃಷ್ಣಮೂರ್ತಿ ಉದ್ಘಾಟಿಸಲಿದ್ದಾರೆ. ಸಂಸದ ಸುನೀಲ್ ಬೋಸ್, ಮಾಜಿ ಶಾಸಕ ಎನ್.ಮಹೇಶ್ ಸೇರಿದಂತೆ ಅನೇಕ ಗಣ್ಯರು ಭಾಗವಹಿಸಲಿದ್ದಾರೆ ಎಂದು ಆಯೋಜಕರು ತಿಳಿಸಿದ್ದಾರೆ.
ಪಟ್ಟಣದ ಶ್ರೀ ಮಹದೇಶ್ವರ ಕಾಲೇಜಿನ ಕ್ರೀಡಾಂಗಣದಲ್ಲಿ ಡಿ.27 ರಂದು ನೂತನವಾಗಿ ನಿರ್ಮಿಸಿರುವ ಬ್ಯಾಸ್ಕೆಟ್ ಬಾಲ್ ಮೈದಾನದ ಉದ್ಘಾಟನಾ ಸಮಾರಂಭ ಹಾಗೂ ಡಿ.28 ರವರೆಗೆ ರಾಜ್ಯಮಟ್ಟದ ಬ್ಯಾಸ್ಕೆಟ್ ಬಾಲ್ ಪಂದ್ಯಾವಳಿ ಆಯೋಜಿಸಲಾಗಿದೆ. ಕರ್ನಾಟಕ ರಾಜ್ಯ ಬ್ಯಾಸ್ಕೆಟ್ ಬಾಲ್ ಅಸೋಸಿಯೇಷನ್ ಸಹಯೋಗದಲ್ಲಿ ನಡೆಯುವ ಕಾರ್ಯಕ್ರಮವನ್ನು ಶಾಸಕ ಎ.ಆರ್.ಕೃಷ್ಣಮೂರ್ತಿ ಉದ್ಘಾಟಿಸಲಿದ್ದಾರೆ. ಸಂಸದ ಸುನೀಲ್ ಬೋಸ್, ಮಾಜಿ ಶಾಸಕ ಎನ್.ಮಹೇಶ್ ಸೇರಿದಂತೆ ಅನೇಕ ಗಣ್ಯರು ಭಾಗವಹಿಸಲಿದ್ದಾರೆ ಎಂದು ಆಯೋಜಕರು ತಿಳಿಸಿದ್ದಾರೆ.
